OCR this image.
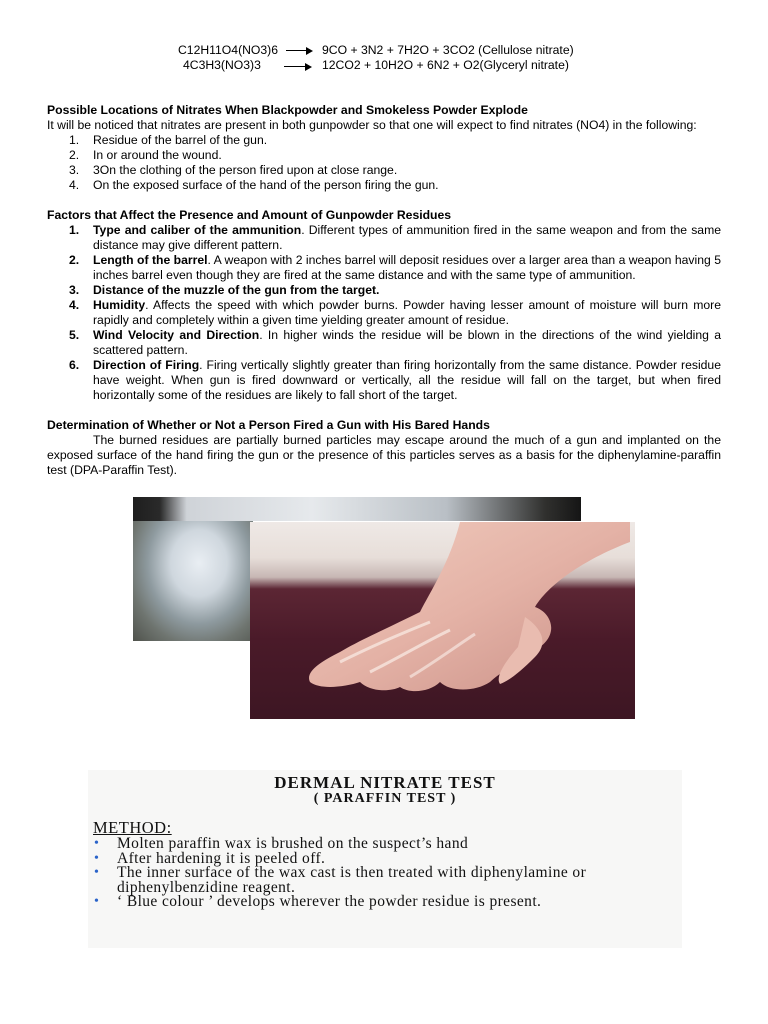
C12H11O4(NO3)6	9CO + 3N2 + 7H2O + 3CO2 (Cellulose nitrate)
4C3H3(NO3)3	12CO2 + 10H2O + 6N2 + O2(Glyceryl nitrate)
Possible Locations of Nitrates When Blackpowder and Smokeless Powder Explode

It will be noticed that nitrates are present in both gunpowder so that one will expect to find nitrates (NO4) in the following:

1. Residue of the barrel of the gun.
2. In or around the wound.
3. 3On the clothing of the person fired upon at close range.
4. On the exposed surface of the hand of the person firing the gun.
Factors that Affect the Presence and Amount of Gunpowder Residues
1. Type and caliber of the ammunition. Different types of ammunition fired in the same weapon and from the same distance may give different pattern.
2. Length of the barrel. A weapon with 2 inches barrel will deposit residues over a larger area than a weapon having 5 inches barrel even though they are fired at the same distance and with the same type of ammunition.
3. Distance of the muzzle of the gun from the target.
4. Humidity. Affects the speed with which powder burns. Powder having lesser amount of moisture will burn more rapidly and completely within a given time yielding greater amount of residue.
5. Wind Velocity and Direction. In higher winds the residue will be blown in the directions of the wind yielding a scattered pattern.
6. Direction of Firing. Firing vertically slightly greater than firing horizontally from the same distance. Powder residue have weight. When gun is fired downward or vertically, all the residue will fall on the target, but when fired horizontally some of the residues are likely to fall short of the target.
Determination of Whether or Not a Person Fired a Gun with His Bared Hands

The burned residues are partially burned particles may escape around the much of a gun and implanted on the exposed surface of the hand firing the gun or the presence of this particles serves as a basis for the diphenylamine-paraffin test (DPA-Paraffin Test).

DERMAL NITRATE TEST
( PARAFFIN TEST )
METHOD:
• Molten paraffin wax is brushed on the suspect’s hand
• After hardening it is peeled off.
• The inner surface of the wax cast is then treated with diphenylamine or diphenylbenzidine reagent.
• ‘ Blue colour ’ develops wherever the powder residue is present.
